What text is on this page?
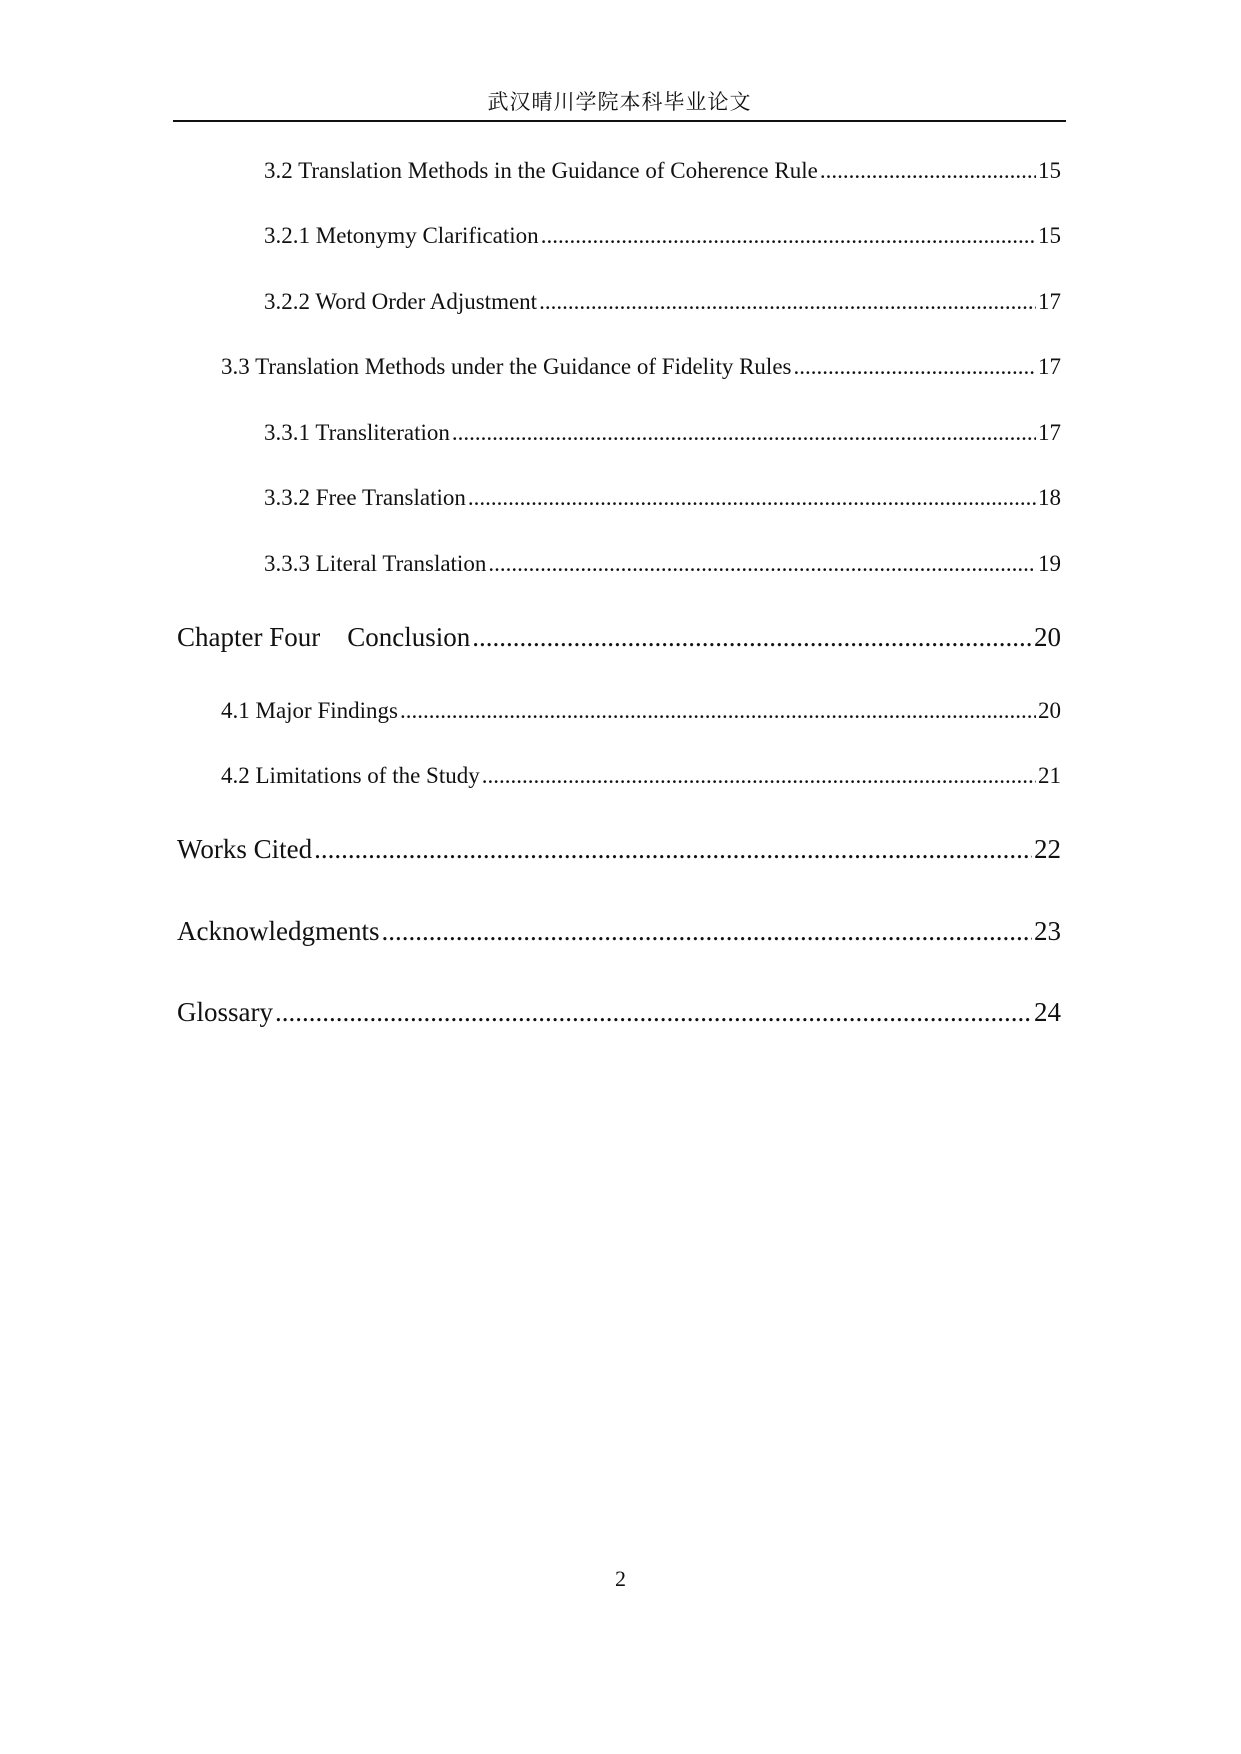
武汉晴川学院本科毕业论文
3.2 Translation Methods in the Guidance of Coherence Rule .....	15
3.2.1 Metonymy Clarification .....	15
3.2.2 Word Order Adjustment .....	17
3.3 Translation Methods under the Guidance of Fidelity Rules .....	17
3.3.1 Transliteration .....	17
3.3.2 Free Translation .....	18
3.3.3 Literal Translation .....	19
Chapter Four    Conclusion .....	20
4.1 Major Findings .....	20
4.2 Limitations of the Study .....	21
Works Cited .....	22
Acknowledgments .....	23
Glossary .....	24
2
